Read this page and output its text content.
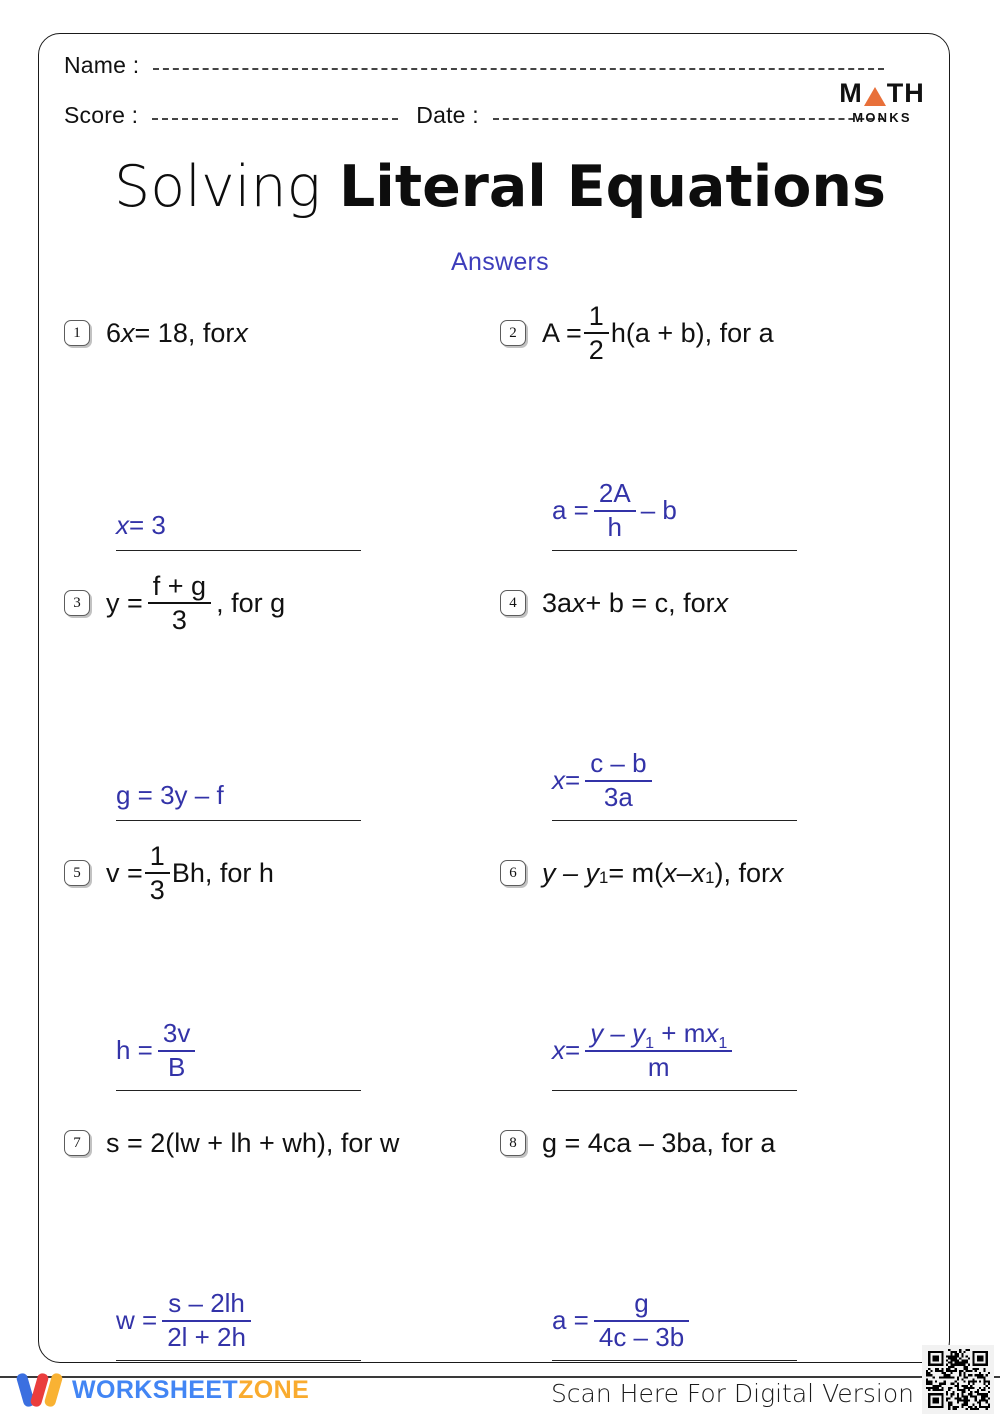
Name :
Score :	Date :
M TH
MONKS
Solving Literal Equations
Answers
1 6 x = 18, for x
x = 3
2 $A = \frac{1}{2} h(a + b)$, for a
$a = \frac{2A}{h} - b$
3 $y = \frac{f + g}{3}$ , for g
g = 3y – f
4 3a x + b = c, for x
$x = \frac{c - b}{3a}$
5 $v = \frac{1}{3} Bh$, for h
$h = \frac{3v}{B}$
6 $y - y_1 = m$( x – $x_1$ ), for x
$x = \frac{y - y_1 + mx_1}{m}$
7 s = 2(lw + lh + wh), for w
$w = \frac{s - 2lh}{2l + 2h}$
8 g = 4ca – 3ba, for a
$a = \frac{g}{4c - 3b}$
WORKSHEETZONE	Scan Here For Digital Version
